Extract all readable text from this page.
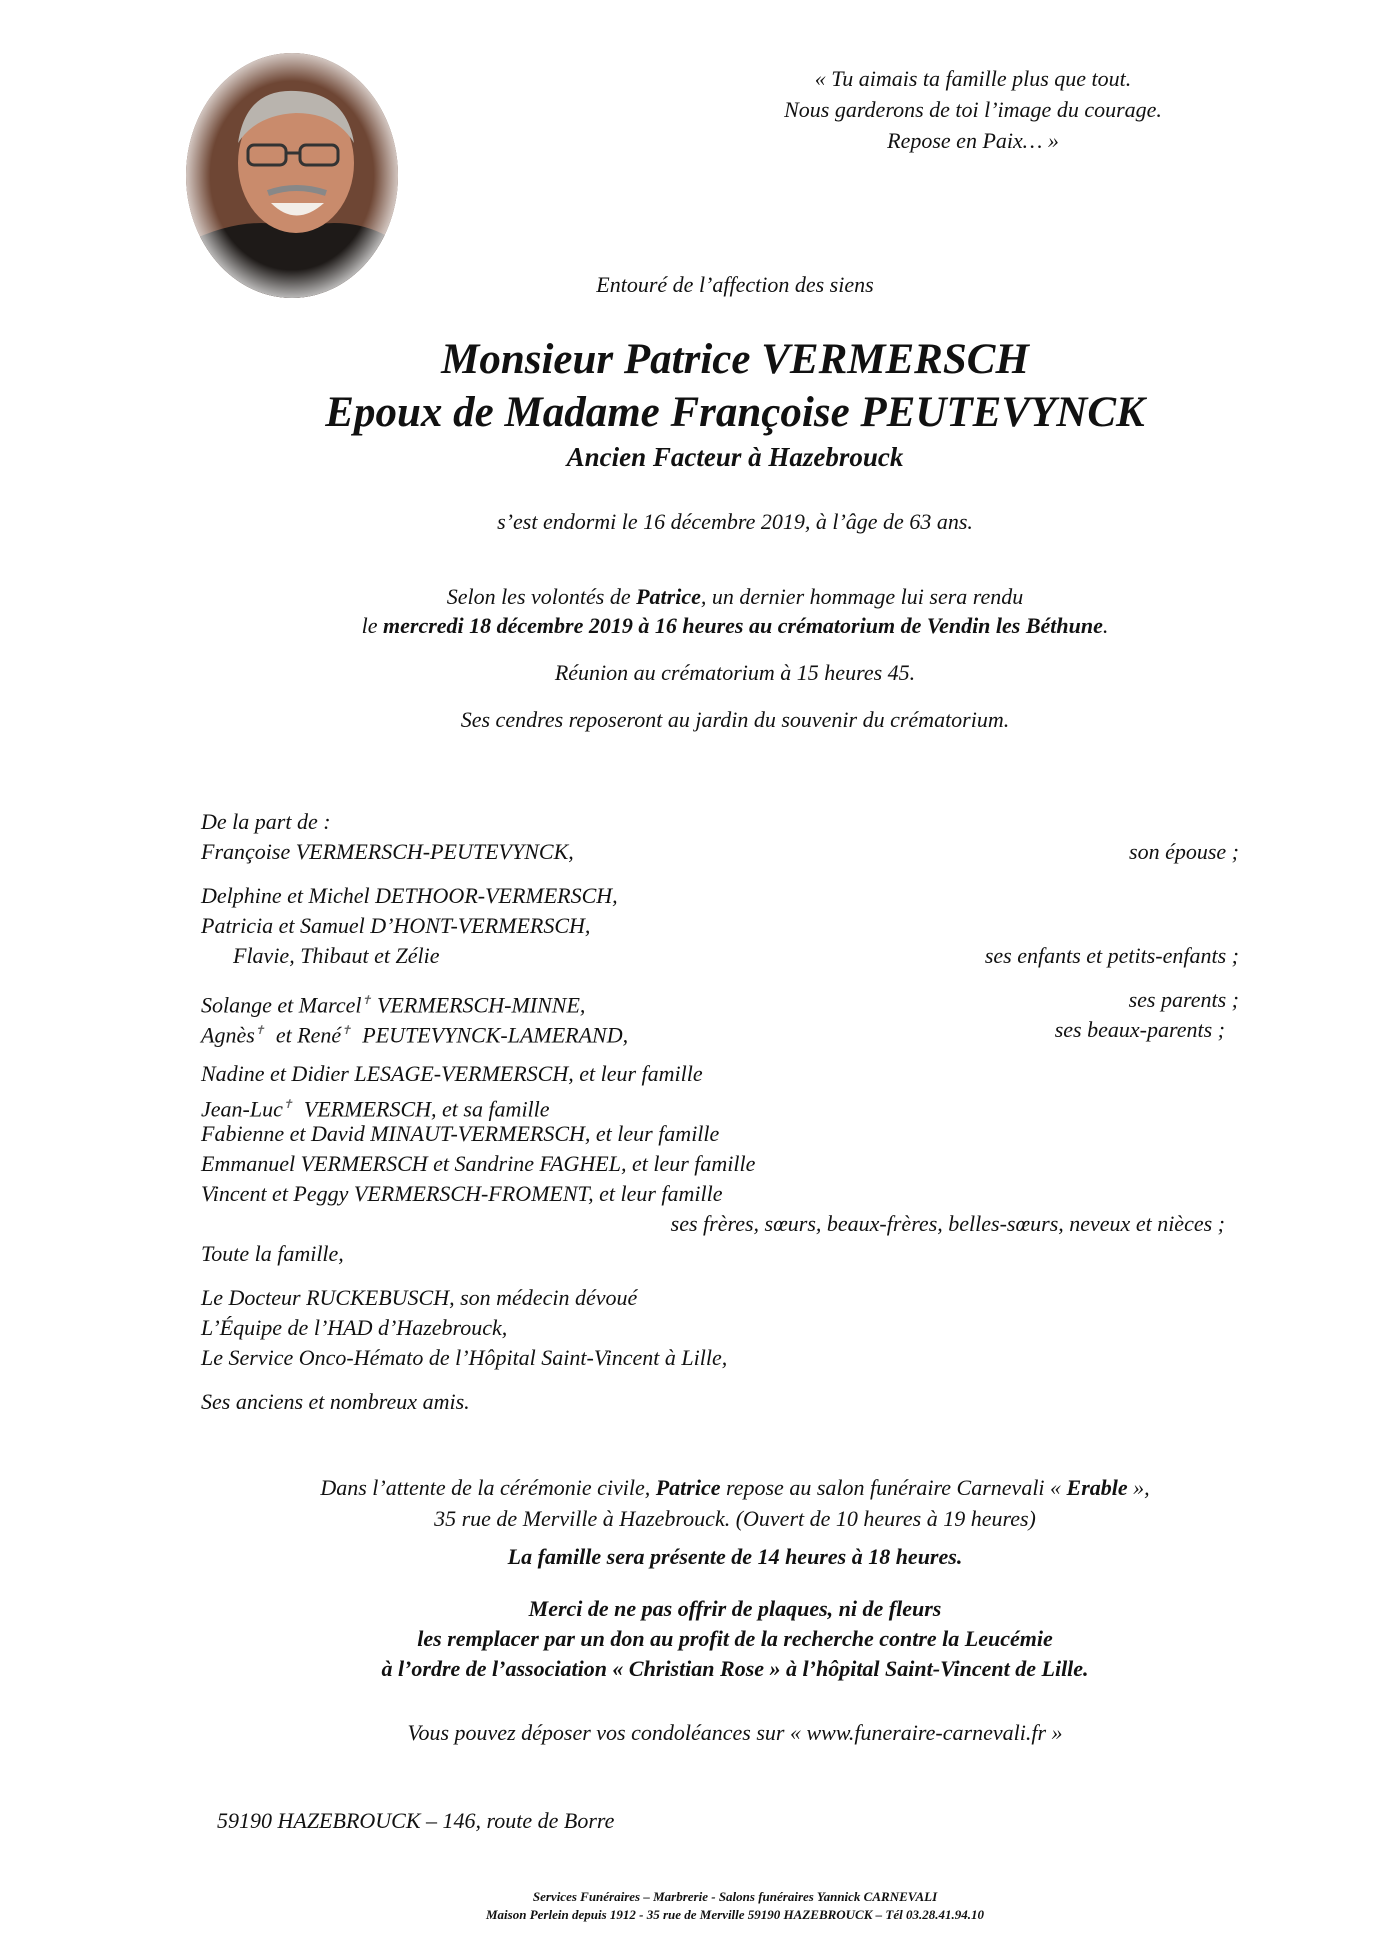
« Tu aimais ta famille plus que tout.
Nous garderons de toi l’image du courage.
Repose en Paix… »
Entouré de l’affection des siens
Monsieur Patrice VERMERSCH
Epoux de Madame Françoise PEUTEVYNCK
Ancien Facteur à Hazebrouck
s’est endormi le 16 décembre 2019, à l’âge de 63 ans.
Selon les volontés de Patrice, un dernier hommage lui sera rendu
le mercredi 18 décembre 2019 à 16 heures au crématorium de Vendin les Béthune.
Réunion au crématorium à 15 heures 45.
Ses cendres reposeront au jardin du souvenir du crématorium.
De la part de :
Françoise VERMERSCH-PEUTEVYNCK,	son épouse ;
Delphine et Michel DETHOOR-VERMERSCH,
Patricia et Samuel D’HONT-VERMERSCH,
Flavie, Thibaut et Zélie	ses enfants et petits-enfants ;
Solange et Marcel✝ VERMERSCH-MINNE,	ses parents ;
Agnès✝  et René✝  PEUTEVYNCK-LAMERAND,	ses beaux-parents ;
Nadine et Didier LESAGE-VERMERSCH, et leur famille
Jean-Luc✝  VERMERSCH, et sa famille
Fabienne et David MINAUT-VERMERSCH, et leur famille
Emmanuel VERMERSCH et Sandrine FAGHEL, et leur famille
Vincent et Peggy VERMERSCH-FROMENT, et leur famille
ses frères, sœurs, beaux-frères, belles-sœurs, neveux et nièces ;
Toute la famille,
Le Docteur RUCKEBUSCH, son médecin dévoué
L’Équipe de l’HAD d’Hazebrouck,
Le Service Onco-Hémato de l’Hôpital Saint-Vincent à Lille,
Ses anciens et nombreux amis.
Dans l’attente de la cérémonie civile, Patrice repose au salon funéraire Carnevali « Erable »,
35 rue de Merville à Hazebrouck. (Ouvert de 10 heures à 19 heures)
La famille sera présente de 14 heures à 18 heures.
Merci de ne pas offrir de plaques, ni de fleurs
les remplacer par un don au profit de la recherche contre la Leucémie
à l’ordre de l’association « Christian Rose » à l’hôpital Saint-Vincent de Lille.
Vous pouvez déposer vos condoléances sur « www.funeraire-carnevali.fr »
59190 HAZEBROUCK – 146, route de Borre
Services Funéraires – Marbrerie - Salons funéraires Yannick CARNEVALI
Maison Perlein depuis 1912 - 35 rue de Merville 59190 HAZEBROUCK – Tél 03.28.41.94.10
